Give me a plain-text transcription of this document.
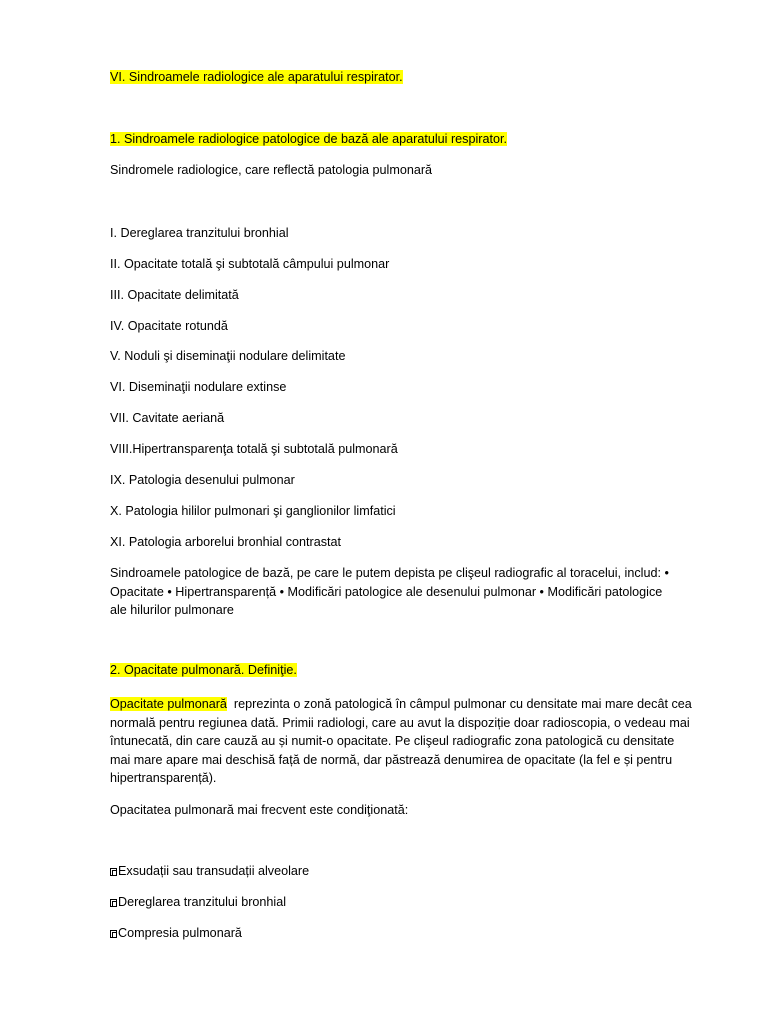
VI. Sindroamele radiologice ale aparatului respirator.
1. Sindroamele radiologice patologice de bază ale aparatului respirator.
Sindromele radiologice, care reflectă patologia pulmonară
I. Dereglarea tranzitului bronhial
II. Opacitate totală şi subtotală câmpului pulmonar
III. Opacitate delimitată
IV. Opacitate rotundă
V. Noduli şi diseminaţii nodulare delimitate
VI. Diseminaţii nodulare extinse
VII. Cavitate aeriană
VIII.Hipertransparenţa totală şi subtotală pulmonară
IX. Patologia desenului pulmonar
X. Patologia hililor pulmonari şi ganglionilor limfatici
XI. Patologia arborelui bronhial contrastat
Sindroamele patologice de bază, pe care le putem depista pe clişeul radiografic al toracelui, includ: •
Opacitate • Hipertransparență • Modificări patologice ale desenului pulmonar • Modificări patologice
ale hilurilor pulmonare
2. Opacitate pulmonară. Definiţie.
Opacitate pulmonară  reprezinta o zonă patologică în câmpul pulmonar cu densitate mai mare decât cea
normală pentru regiunea dată. Primii radiologi, care au avut la dispoziție doar radioscopia, o vedeau mai
întunecată, din care cauză au și numit-o opacitate. Pe clişeul radiografic zona patologică cu densitate
mai mare apare mai deschisă față de normă, dar păstrează denumirea de opacitate (la fel e și pentru
hipertransparență).
Opacitatea pulmonară mai frecvent este condiţionată:
Exsudații sau transudații alveolare
Dereglarea tranzitului bronhial
Compresia pulmonară
